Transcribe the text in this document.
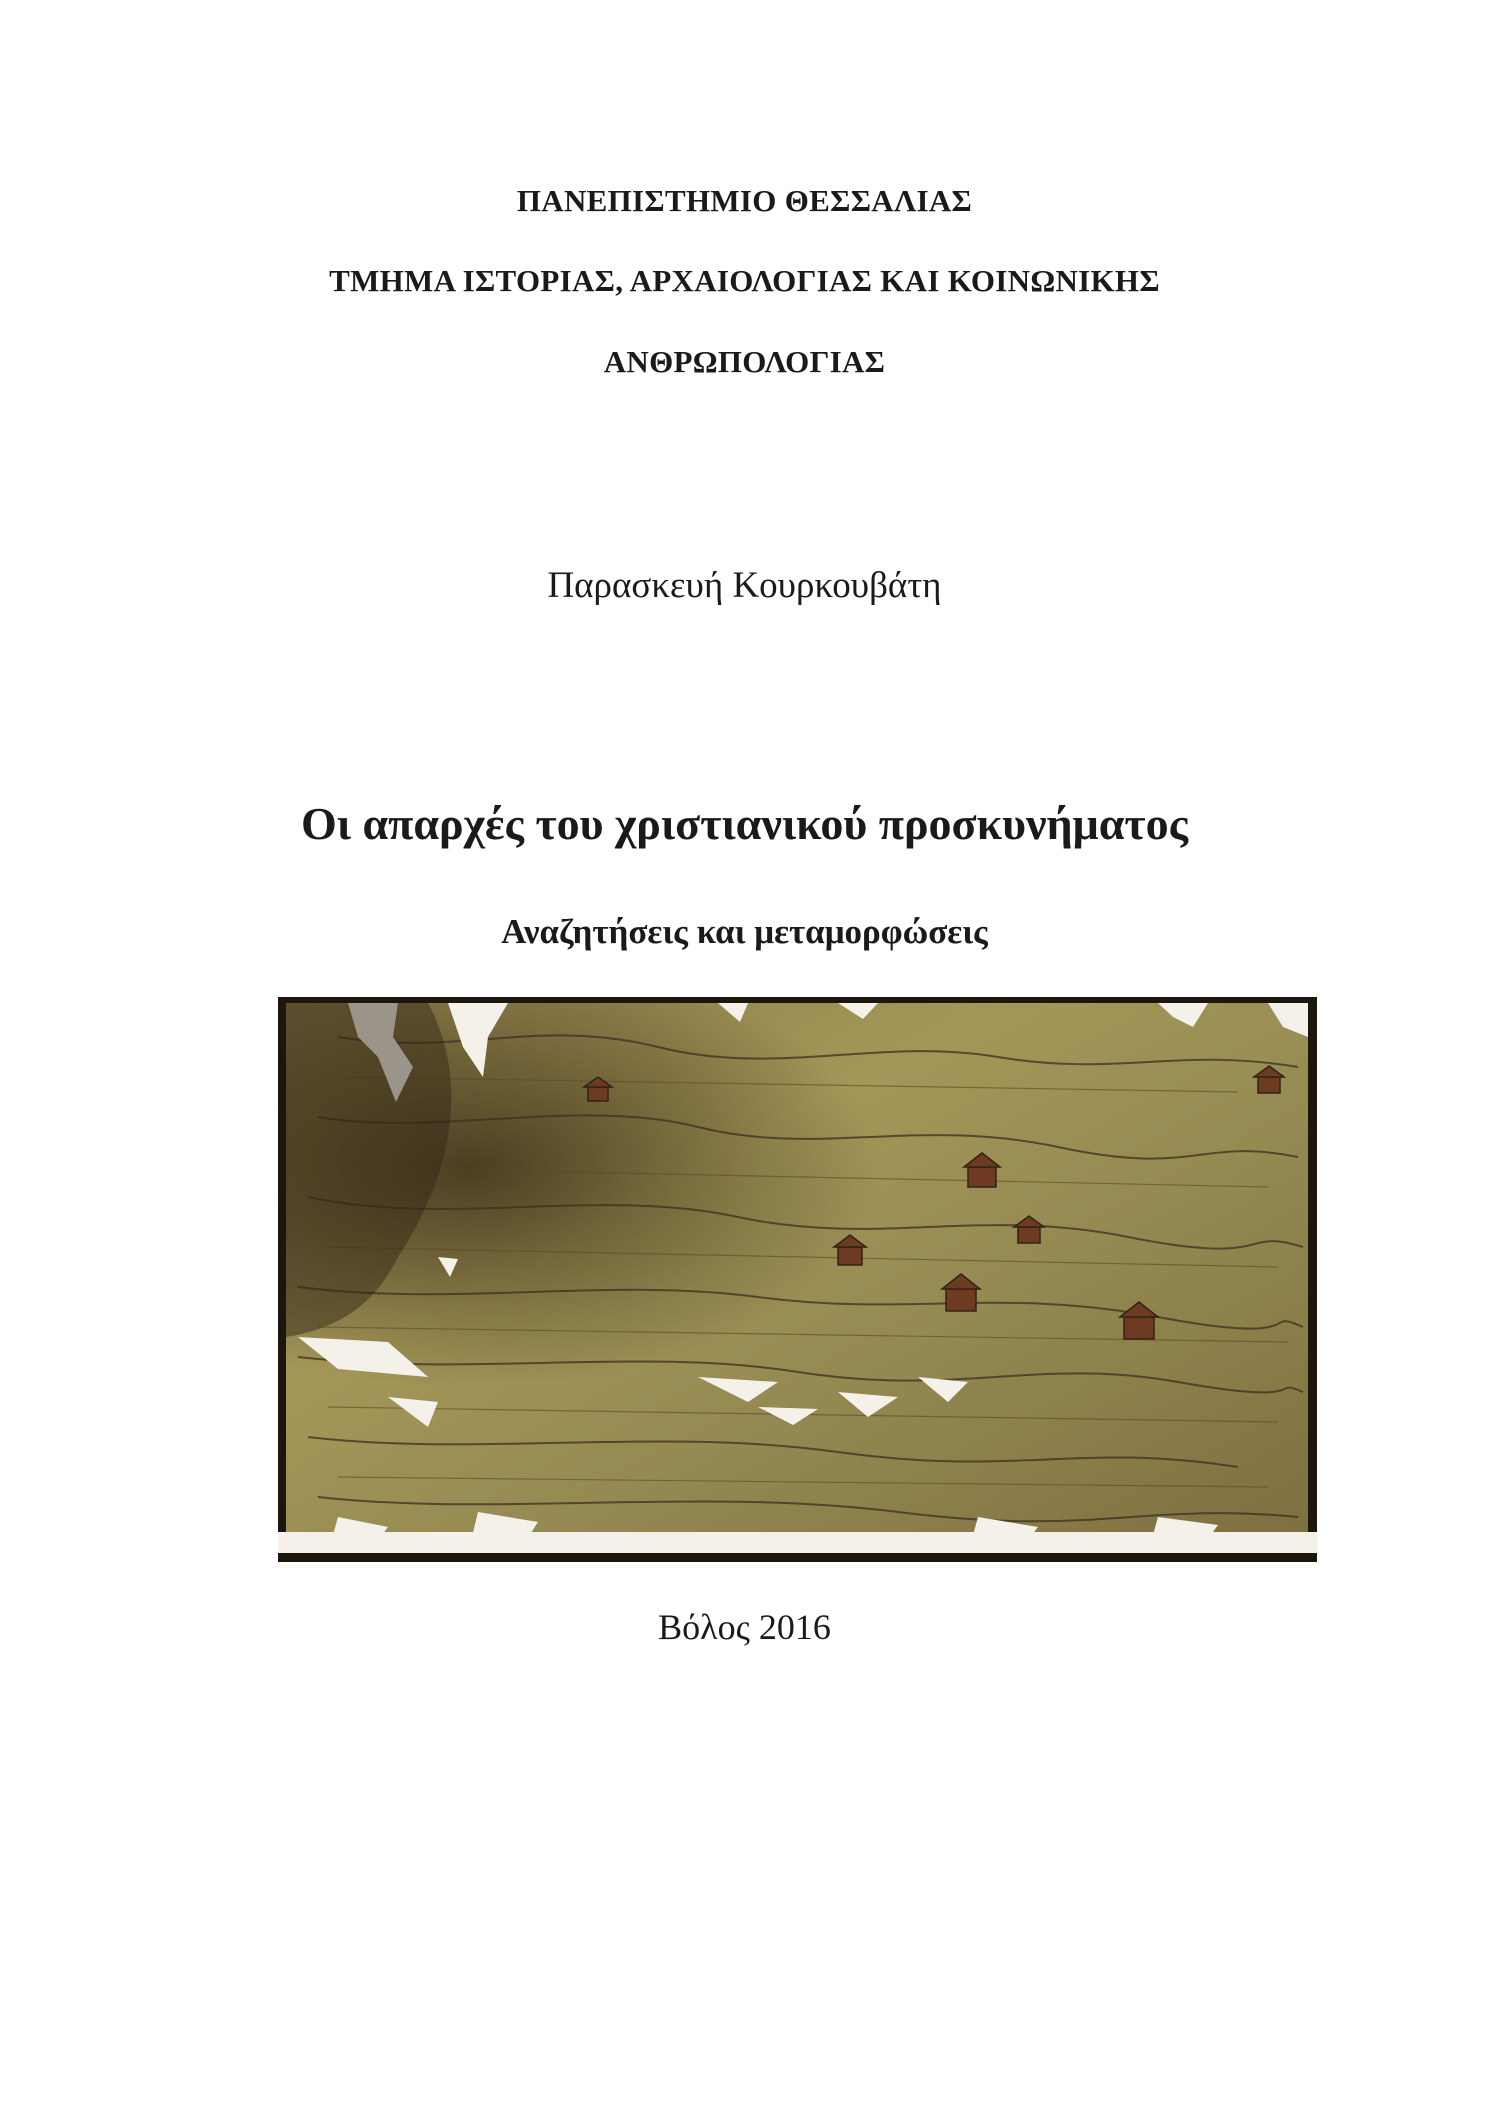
ΠΑΝΕΠΙΣΤΗΜΙΟ ΘΕΣΣΑΛΙΑΣ
ΤΜΗΜΑ ΙΣΤΟΡΙΑΣ, ΑΡΧΑΙΟΛΟΓΙΑΣ ΚΑΙ ΚΟΙΝΩΝΙΚΗΣ
ΑΝΘΡΩΠΟΛΟΓΙΑΣ
Παρασκευή Κουρκουβάτη
Οι απαρχές του χριστιανικού προσκυνήματος
Αναζητήσεις και μεταμορφώσεις
Βόλος 2016
